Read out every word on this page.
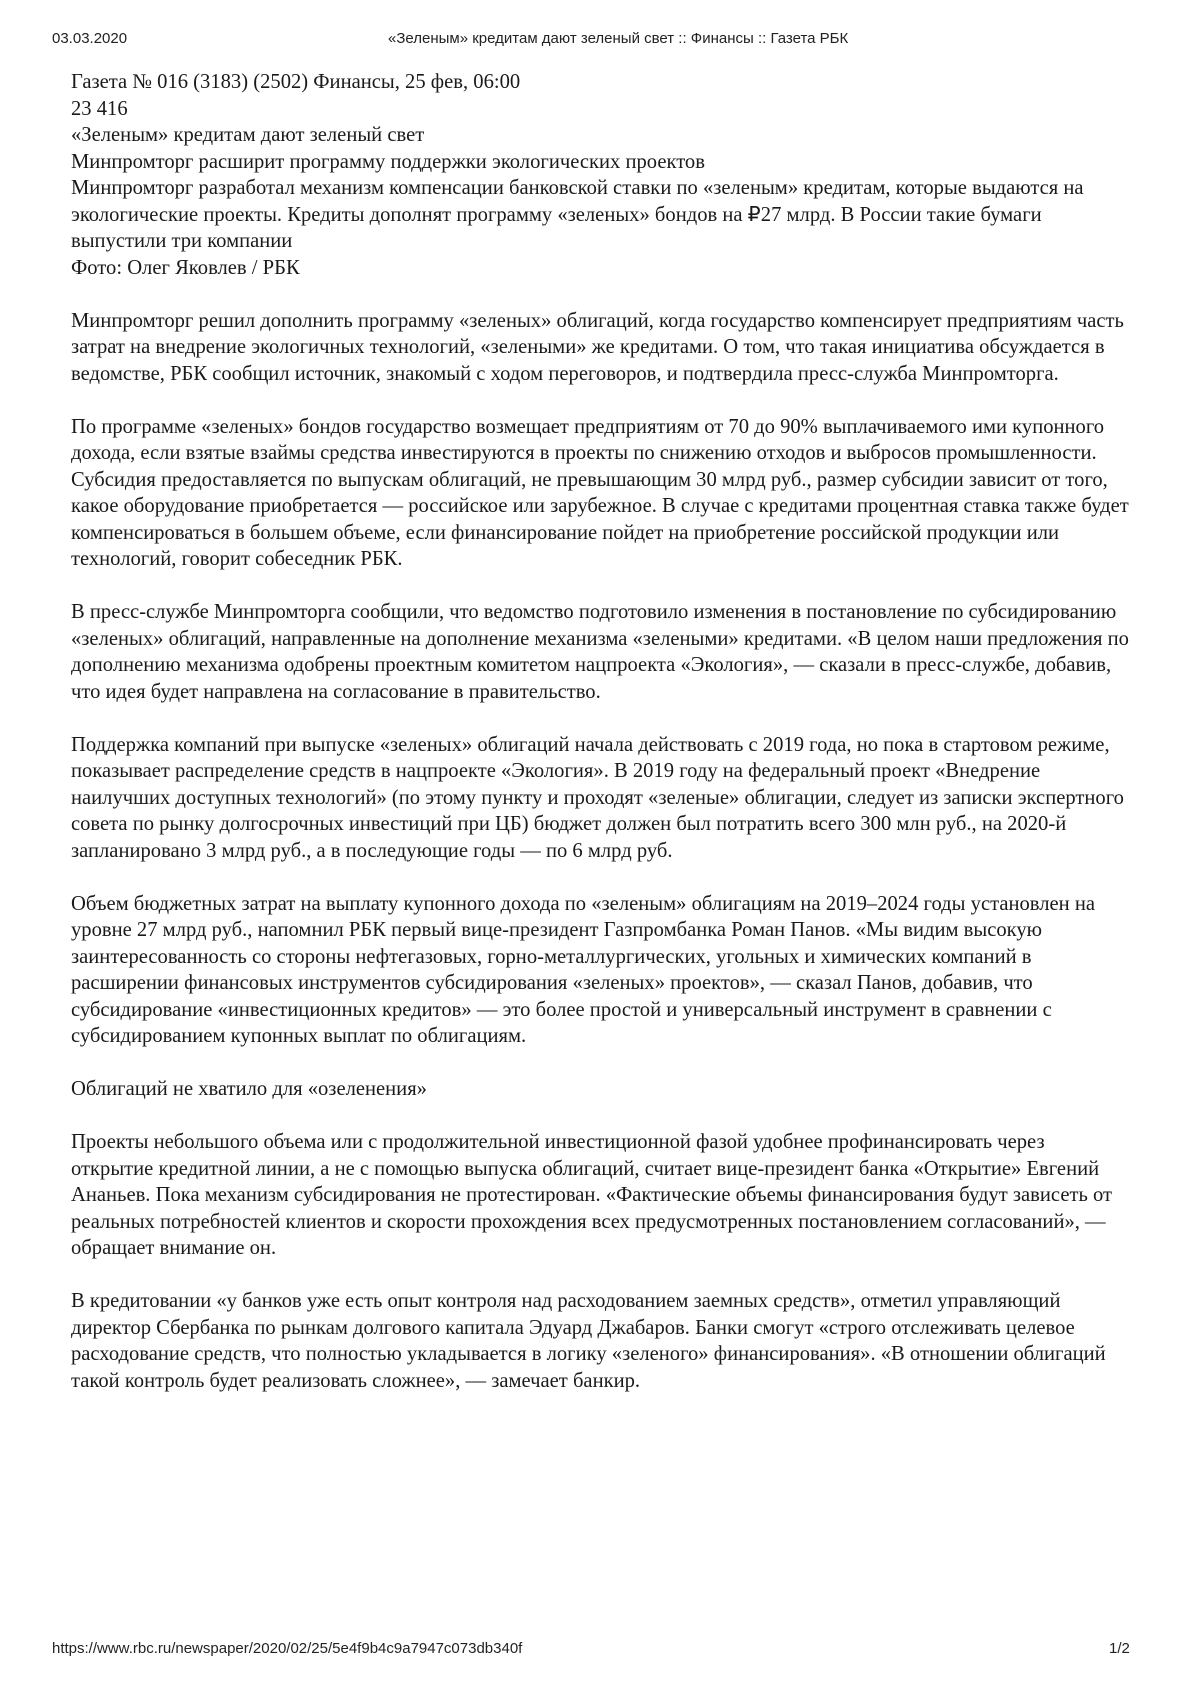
03.03.2020	«Зеленым» кредитам дают зеленый свет :: Финансы :: Газета РБК
Газета № 016 (3183) (2502) Финансы, 25 фев, 06:00
23 416
«Зеленым» кредитам дают зеленый свет
Минпромторг расширит программу поддержки экологических проектов
Минпромторг разработал механизм компенсации банковской ставки по «зеленым» кредитам, которые выдаются на экологические проекты. Кредиты дополнят программу «зеленых» бондов на ₽27 млрд. В России такие бумаги выпустили три компании

Фото: Олег Яковлев / РБК

Минпромторг решил дополнить программу «зеленых» облигаций, когда государство компенсирует предприятиям часть затрат на внедрение экологичных технологий, «зелеными» же кредитами. О том, что такая инициатива обсуждается в ведомстве, РБК сообщил источник, знакомый с ходом переговоров, и подтвердила пресс-служба Минпромторга.

По программе «зеленых» бондов государство возмещает предприятиям от 70 до 90% выплачиваемого ими купонного дохода, если взятые взаймы средства инвестируются в проекты по снижению отходов и выбросов промышленности. Субсидия предоставляется по выпускам облигаций, не превышающим 30 млрд руб., размер субсидии зависит от того, какое оборудование приобретается — российское или зарубежное. В случае с кредитами процентная ставка также будет компенсироваться в большем объеме, если финансирование пойдет на приобретение российской продукции или технологий, говорит собеседник РБК.

В пресс-службе Минпромторга сообщили, что ведомство подготовило изменения в постановление по субсидированию «зеленых» облигаций, направленные на дополнение механизма «зелеными» кредитами. «В целом наши предложения по дополнению механизма одобрены проектным комитетом нацпроекта «Экология», — сказали в пресс-службе, добавив, что идея будет направлена на согласование в правительство.

Поддержка компаний при выпуске «зеленых» облигаций начала действовать с 2019 года, но пока в стартовом режиме, показывает распределение средств в нацпроекте «Экология». В 2019 году на федеральный проект «Внедрение наилучших доступных технологий» (по этому пункту и проходят «зеленые» облигации, следует из записки экспертного совета по рынку долгосрочных инвестиций при ЦБ) бюджет должен был потратить всего 300 млн руб., на 2020-й запланировано 3 млрд руб., а в последующие годы — по 6 млрд руб.

Объем бюджетных затрат на выплату купонного дохода по «зеленым» облигациям на 2019–2024 годы установлен на уровне 27 млрд руб., напомнил РБК первый вице-президент Газпромбанка Роман Панов. «Мы видим высокую заинтересованность со стороны нефтегазовых, горно-металлургических, угольных и химических компаний в расширении финансовых инструментов субсидирования «зеленых» проектов», — сказал Панов, добавив, что субсидирование «инвестиционных кредитов» — это более простой и универсальный инструмент в сравнении с субсидированием купонных выплат по облигациям.

Облигаций не хватило для «озеленения»

Проекты небольшого объема или с продолжительной инвестиционной фазой удобнее профинансировать через открытие кредитной линии, а не с помощью выпуска облигаций, считает вице-президент банка «Открытие» Евгений Ананьев. Пока механизм субсидирования не протестирован. «Фактические объемы финансирования будут зависеть от реальных потребностей клиентов и скорости прохождения всех предусмотренных постановлением согласований», — обращает внимание он.

В кредитовании «у банков уже есть опыт контроля над расходованием заемных средств», отметил управляющий директор Сбербанка по рынкам долгового капитала Эдуард Джабаров. Банки смогут «строго отслеживать целевое расходование средств, что полностью укладывается в логику «зеленого» финансирования». «В отношении облигаций такой контроль будет реализовать сложнее», — замечает банкир.

https://www.rbc.ru/newspaper/2020/02/25/5e4f9b4c9a7947c073db340f	1/2
